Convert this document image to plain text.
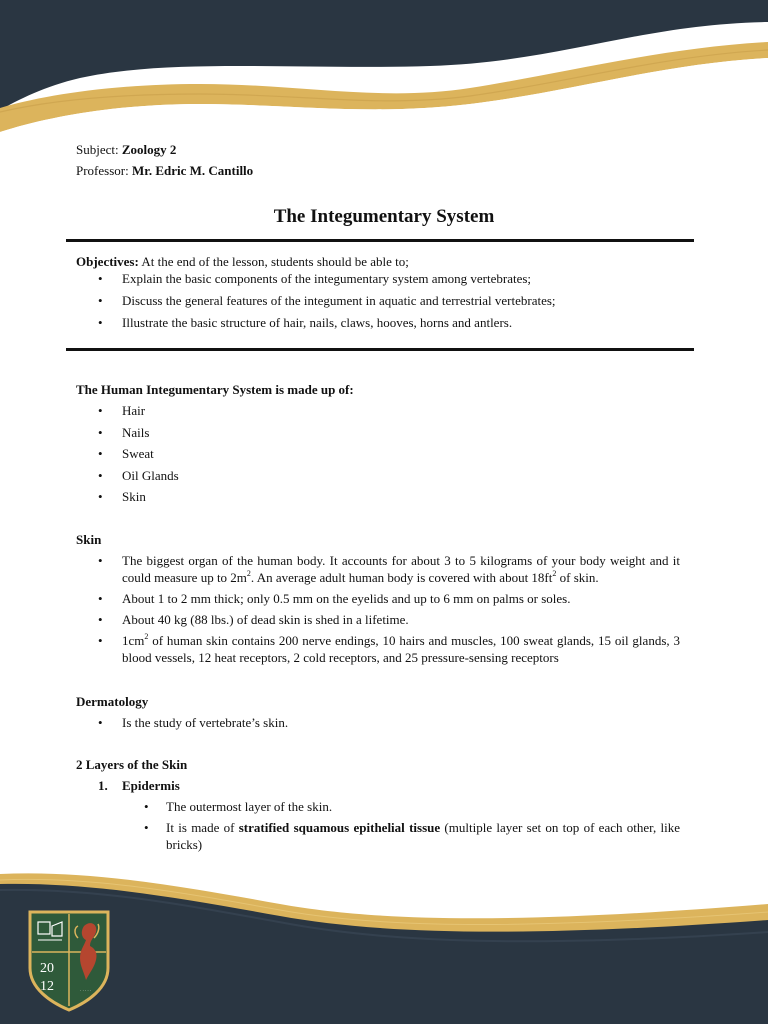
Subject: Zoology 2
Professor: Mr. Edric M. Cantillo
The Integumentary System
Objectives: At the end of the lesson, students should be able to;
• Explain the basic components of the integumentary system among vertebrates;
• Discuss the general features of the integument in aquatic and terrestrial vertebrates;
• Illustrate the basic structure of hair, nails, claws, hooves, horns and antlers.
The Human Integumentary System is made up of:
• Hair
• Nails
• Sweat
• Oil Glands
• Skin
Skin
• The biggest organ of the human body. It accounts for about 3 to 5 kilograms of your body weight and it could measure up to $2m^2$. An average adult human body is covered with about $18ft^2$ of skin.
• About 1 to 2 mm thick; only 0.5 mm on the eyelids and up to 6 mm on palms or soles.
• About 40 kg (88 lbs.) of dead skin is shed in a lifetime.
• $1cm^2$ of human skin contains 200 nerve endings, 10 hairs and muscles, 100 sweat glands, 15 oil glands, 3 blood vessels, 12 heat receptors, 2 cold receptors, and 25 pressure-sensing receptors
Dermatology
• Is the study of vertebrate’s skin.
2 Layers of the Skin
1. Epidermis
• The outermost layer of the skin.
• It is made of stratified squamous epithelial tissue (multiple layer set on top of each other, like bricks)
· · · · ·
20
12
